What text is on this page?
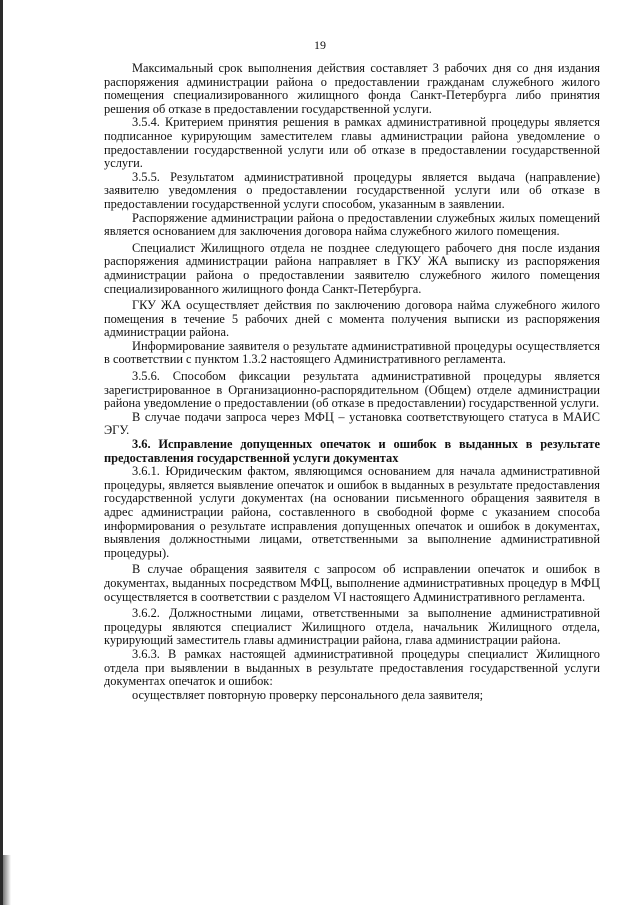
19

Максимальный срок выполнения действия составляет 3 рабочих дня со дня издания распоряжения администрации района о предоставлении гражданам служебного жилого помещения специализированного жилищного фонда Санкт-Петербурга либо принятия решения об отказе в предоставлении государственной услуги.

3.5.4. Критерием принятия решения в рамках административной процедуры является подписанное курирующим заместителем главы администрации района уведомление о предоставлении государственной услуги или об отказе в предоставлении государственной услуги.

3.5.5. Результатом административной процедуры является выдача (направление) заявителю уведомления о предоставлении государственной услуги или об отказе в предоставлении государственной услуги способом, указанным в заявлении.

Распоряжение администрации района о предоставлении служебных жилых помещений является основанием для заключения договора найма служебного жилого помещения.

Специалист Жилищного отдела не позднее следующего рабочего дня после издания распоряжения администрации района направляет в ГКУ ЖА выписку из распоряжения администрации района о предоставлении заявителю служебного жилого помещения специализированного жилищного фонда Санкт-Петербурга.

ГКУ ЖА осуществляет действия по заключению договора найма служебного жилого помещения в течение 5 рабочих дней с момента получения выписки из распоряжения администрации района.

Информирование заявителя о результате административной процедуры осуществляется в соответствии с пунктом 1.3.2 настоящего Административного регламента.

3.5.6. Способом фиксации результата административной процедуры является зарегистрированное в Организационно-распорядительном (Общем) отделе администрации района уведомление о предоставлении (об отказе в предоставлении) государственной услуги.

В случае подачи запроса через МФЦ – установка соответствующего статуса в МАИС ЭГУ.

3.6. Исправление допущенных опечаток и ошибок в выданных в результате предоставления государственной услуги документах

3.6.1. Юридическим фактом, являющимся основанием для начала административной процедуры, является выявление опечаток и ошибок в выданных в результате предоставления государственной услуги документах (на основании письменного обращения заявителя в адрес администрации района, составленного в свободной форме с указанием способа информирования о результате исправления допущенных опечаток и ошибок в документах, выявления должностными лицами, ответственными за выполнение административной процедуры).

В случае обращения заявителя с запросом об исправлении опечаток и ошибок в документах, выданных посредством МФЦ, выполнение административных процедур в МФЦ осуществляется в соответствии с разделом VI настоящего Административного регламента.

3.6.2. Должностными лицами, ответственными за выполнение административной процедуры являются специалист Жилищного отдела, начальник Жилищного отдела, курирующий заместитель главы администрации района, глава администрации района.

3.6.3. В рамках настоящей административной процедуры специалист Жилищного отдела при выявлении в выданных в результате предоставления государственной услуги документах опечаток и ошибок:

осуществляет повторную проверку персонального дела заявителя;
